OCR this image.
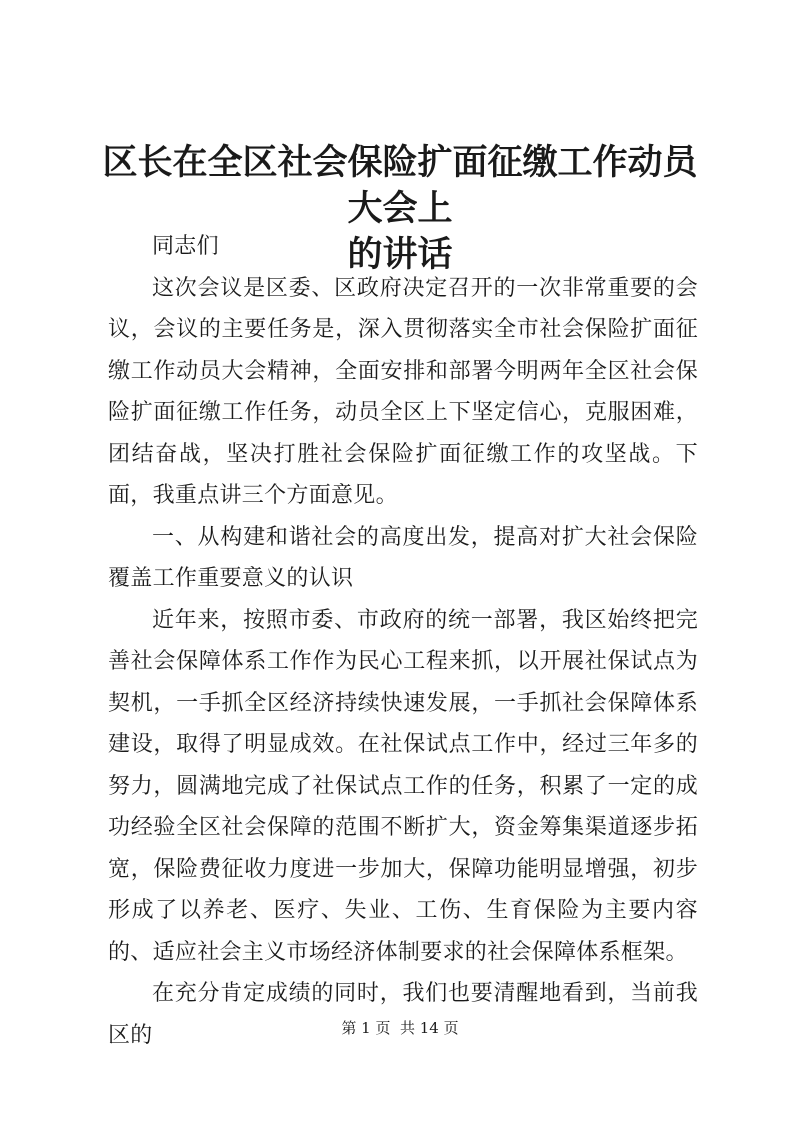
区长在全区社会保险扩面征缴工作动员大会上
的讲话

同志们

这次会议是区委、区政府决定召开的一次非常重要的会议，会议的主要任务是，深入贯彻落实全市社会保险扩面征缴工作动员大会精神，全面安排和部署今明两年全区社会保险扩面征缴工作任务，动员全区上下坚定信心，克服困难，团结奋战，坚决打胜社会保险扩面征缴工作的攻坚战。下面，我重点讲三个方面意见。

一、从构建和谐社会的高度出发，提高对扩大社会保险覆盖工作重要意义的认识

近年来，按照市委、市政府的统一部署，我区始终把完善社会保障体系工作作为民心工程来抓，以开展社保试点为契机，一手抓全区经济持续快速发展，一手抓社会保障体系建设，取得了明显成效。在社保试点工作中，经过三年多的努力，圆满地完成了社保试点工作的任务，积累了一定的成功经验全区社会保障的范围不断扩大，资金筹集渠道逐步拓宽，保险费征收力度进一步加大，保障功能明显增强，初步形成了以养老、医疗、失业、工伤、生育保险为主要内容的、适应社会主义市场经济体制要求的社会保障体系框架。

在充分肯定成绩的同时，我们也要清醒地看到，当前我区的	第 1 页  共 14 页
